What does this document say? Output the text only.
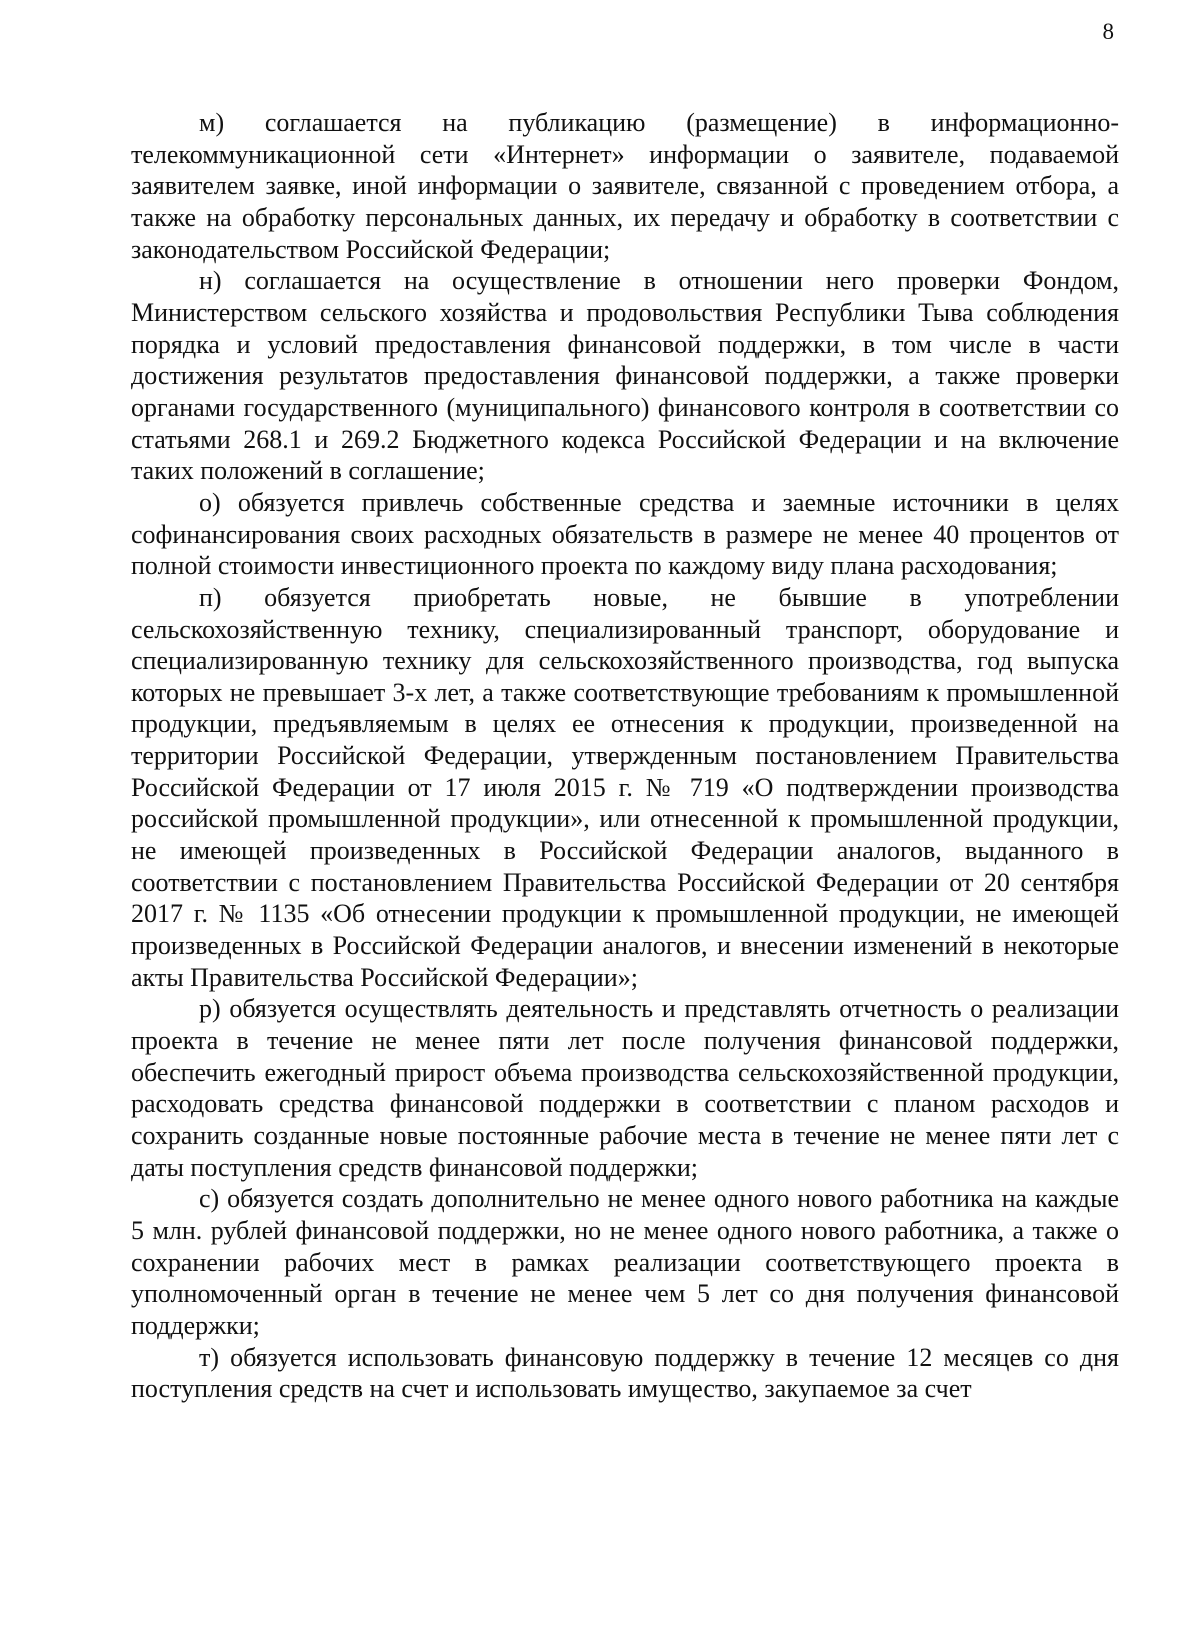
8

м) соглашается на публикацию (размещение) в информационно-телекоммуникационной сети «Интернет» информации о заявителе, подаваемой заявителем заявке, иной информации о заявителе, связанной с проведением отбора, а также на обработку персональных данных, их передачу и обработку в соответствии с законодательством Российской Федерации;

н) соглашается на осуществление в отношении него проверки Фондом, Министерством сельского хозяйства и продовольствия Республики Тыва соблюдения порядка и условий предоставления финансовой поддержки, в том числе в части достижения результатов предоставления финансовой поддержки, а также проверки органами государственного (муниципального) финансового контроля в соответствии со статьями 268.1 и 269.2 Бюджетного кодекса Российской Федерации и на включение таких положений в соглашение;

о) обязуется привлечь собственные средства и заемные источники в целях софинансирования своих расходных обязательств в размере не менее 40 процентов от полной стоимости инвестиционного проекта по каждому виду плана расходования;

п) обязуется приобретать новые, не бывшие в употреблении сельскохозяйственную технику, специализированный транспорт, оборудование и специализированную технику для сельскохозяйственного производства, год выпуска которых не превышает 3-х лет, а также соответствующие требованиям к промышленной продукции, предъявляемым в целях ее отнесения к продукции, произведенной на территории Российской Федерации, утвержденным постановлением Правительства Российской Федерации от 17 июля 2015 г. № 719 «О подтверждении производства российской промышленной продукции», или отнесенной к промышленной продукции, не имеющей произведенных в Российской Федерации аналогов, выданного в соответствии с постановлением Правительства Российской Федерации от 20 сентября 2017 г. № 1135 «Об отнесении продукции к промышленной продукции, не имеющей произведенных в Российской Федерации аналогов, и внесении изменений в некоторые акты Правительства Российской Федерации»;

р) обязуется осуществлять деятельность и представлять отчетность о реализации проекта в течение не менее пяти лет после получения финансовой поддержки, обеспечить ежегодный прирост объема производства сельскохозяйственной продукции, расходовать средства финансовой поддержки в соответствии с планом расходов и сохранить созданные новые постоянные рабочие места в течение не менее пяти лет с даты поступления средств финансовой поддержки;

с) обязуется создать дополнительно не менее одного нового работника на каждые 5 млн. рублей финансовой поддержки, но не менее одного нового работника, а также о сохранении рабочих мест в рамках реализации соответствующего проекта в уполномоченный орган в течение не менее чем 5 лет со дня получения финансовой поддержки;

т) обязуется использовать финансовую поддержку в течение 12 месяцев со дня поступления средств на счет и использовать имущество, закупаемое за счет
